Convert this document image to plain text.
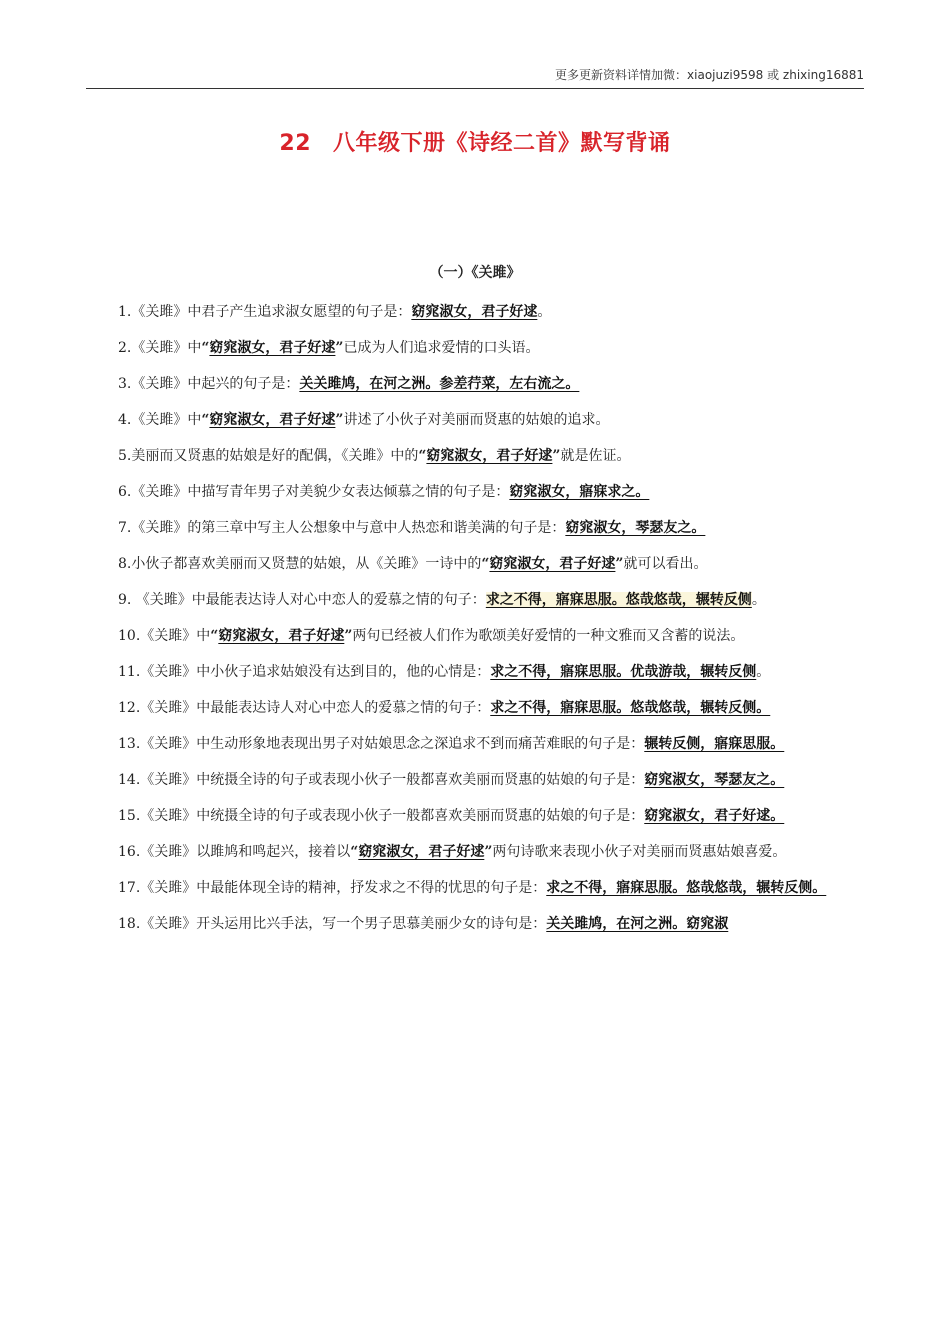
更多更新资料详情加微：xiaojuzi9598 或 zhixing16881
22 八年级下册《诗经二首》默写背诵
（一）《关雎》

1.《关雎》中君子产生追求淑女愿望的句子是：窈窕淑女，君子好逑。

2.《关雎》中“窈窕淑女，君子好逑”已成为人们追求爱情的口头语。

3.《关雎》中起兴的句子是：关关雎鸠，在河之洲。参差荇菜，左右流之。

4.《关雎》中“窈窕淑女，君子好逑”讲述了小伙子对美丽而贤惠的姑娘的追求。

5.美丽而又贤惠的姑娘是好的配偶，《关雎》中的“窈窕淑女，君子好逑”就是佐证。

6.《关雎》中描写青年男子对美貌少女表达倾慕之情的句子是：窈窕淑女，寤寐求之。

7.《关雎》的第三章中写主人公想象中与意中人热恋和谐美满的句子是：窈窕淑女，琴瑟友之。

8.小伙子都喜欢美丽而又贤慧的姑娘，从《关雎》一诗中的“窈窕淑女，君子好逑”就可以看出。

9. 《关雎》中最能表达诗人对心中恋人的爱慕之情的句子：求之不得，寤寐思服。悠哉悠哉，辗转反侧。

10.《关雎》中“窈窕淑女，君子好逑”两句已经被人们作为歌颂美好爱情的一种文雅而又含蓄的说法。

11.《关雎》中小伙子追求姑娘没有达到目的，他的心情是：求之不得，寤寐思服。优哉游哉，辗转反侧。

12.《关雎》中最能表达诗人对心中恋人的爱慕之情的句子：求之不得，寤寐思服。悠哉悠哉，辗转反侧。

13.《关雎》中生动形象地表现出男子对姑娘思念之深追求不到而痛苦难眠的句子是：辗转反侧，寤寐思服。

14.《关雎》中统摄全诗的句子或表现小伙子一般都喜欢美丽而贤惠的姑娘的句子是：窈窕淑女，琴瑟友之。

15.《关雎》中统摄全诗的句子或表现小伙子一般都喜欢美丽而贤惠的姑娘的句子是：窈窕淑女，君子好逑。

16.《关雎》以雎鸠和鸣起兴，接着以“窈窕淑女，君子好逑”两句诗歌来表现小伙子对美丽而贤惠姑娘喜爱。

17.《关雎》中最能体现全诗的精神，抒发求之不得的忧思的句子是：求之不得，寤寐思服。悠哉悠哉，辗转反侧。

18.《关雎》开头运用比兴手法，写一个男子思慕美丽少女的诗句是：关关雎鸠，在河之洲。窈窕淑
